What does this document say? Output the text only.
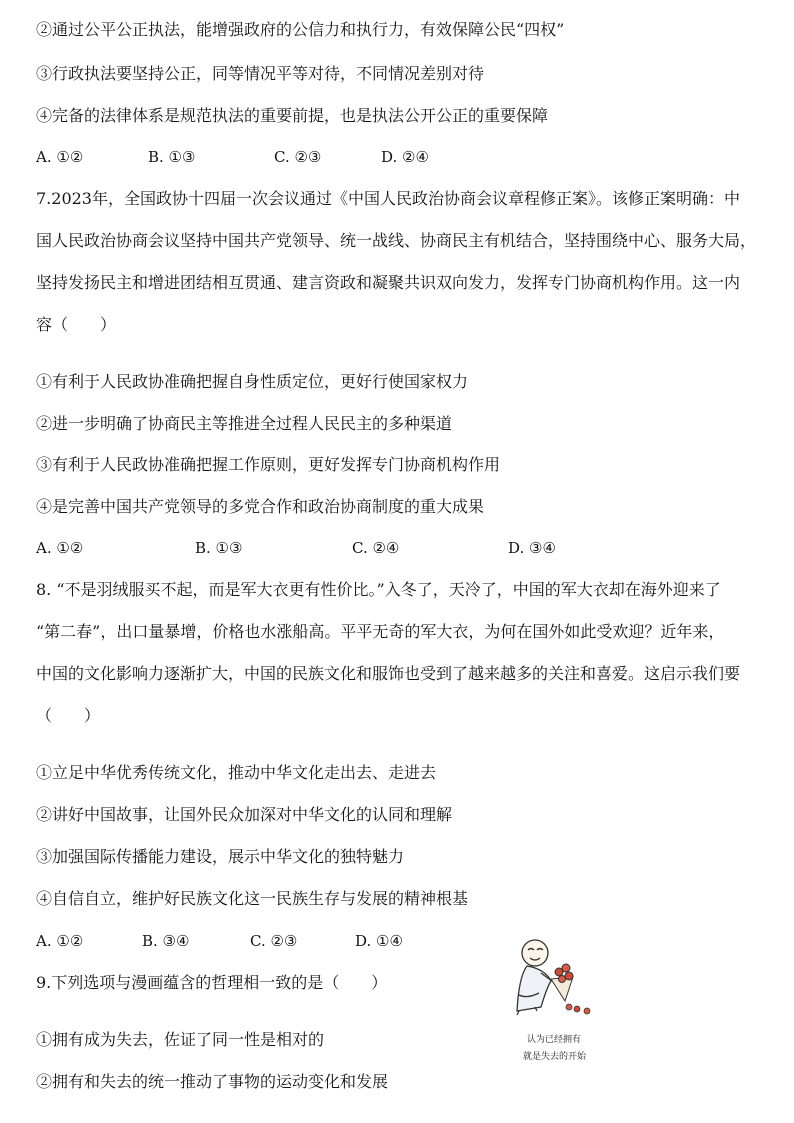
②通过公平公正执法，能增强政府的公信力和执行力，有效保障公民“四权”
③行政执法要坚持公正，同等情况平等对待，不同情况差别对待
④完备的法律体系是规范执法的重要前提，也是执法公开公正的重要保障
A. ①②	B. ①③	C. ②③	D. ②④
7.2023年，全国政协十四届一次会议通过《中国人民政治协商会议章程修正案》。该修正案明确：中
国人民政治协商会议坚持中国共产党领导、统一战线、协商民主有机结合，坚持围绕中心、服务大局，
坚持发扬民主和增进团结相互贯通、建言资政和凝聚共识双向发力，发挥专门协商机构作用。这一内
容（　　）
①有利于人民政协准确把握自身性质定位，更好行使国家权力
②进一步明确了协商民主等推进全过程人民民主的多种渠道
③有利于人民政协准确把握工作原则，更好发挥专门协商机构作用
④是完善中国共产党领导的多党合作和政治协商制度的重大成果
A. ①②	B. ①③	C. ②④	D. ③④
8. “不是羽绒服买不起，而是军大衣更有性价比。”入冬了，天冷了，中国的军大衣却在海外迎来了
“第二春”，出口量暴增，价格也水涨船高。平平无奇的军大衣，为何在国外如此受欢迎？近年来，
中国的文化影响力逐渐扩大，中国的民族文化和服饰也受到了越来越多的关注和喜爱。这启示我们要
（　　）
①立足中华优秀传统文化，推动中华文化走出去、走进去
②讲好中国故事，让国外民众加深对中华文化的认同和理解
③加强国际传播能力建设，展示中华文化的独特魅力
④自信自立，维护好民族文化这一民族生存与发展的精神根基
A. ①②	B. ③④	C. ②③	D. ①④
9.下列选项与漫画蕴含的哲理相一致的是（　　）
①拥有成为失去，佐证了同一性是相对的
②拥有和失去的统一推动了事物的运动变化和发展
认为已经拥有
就是失去的开始
